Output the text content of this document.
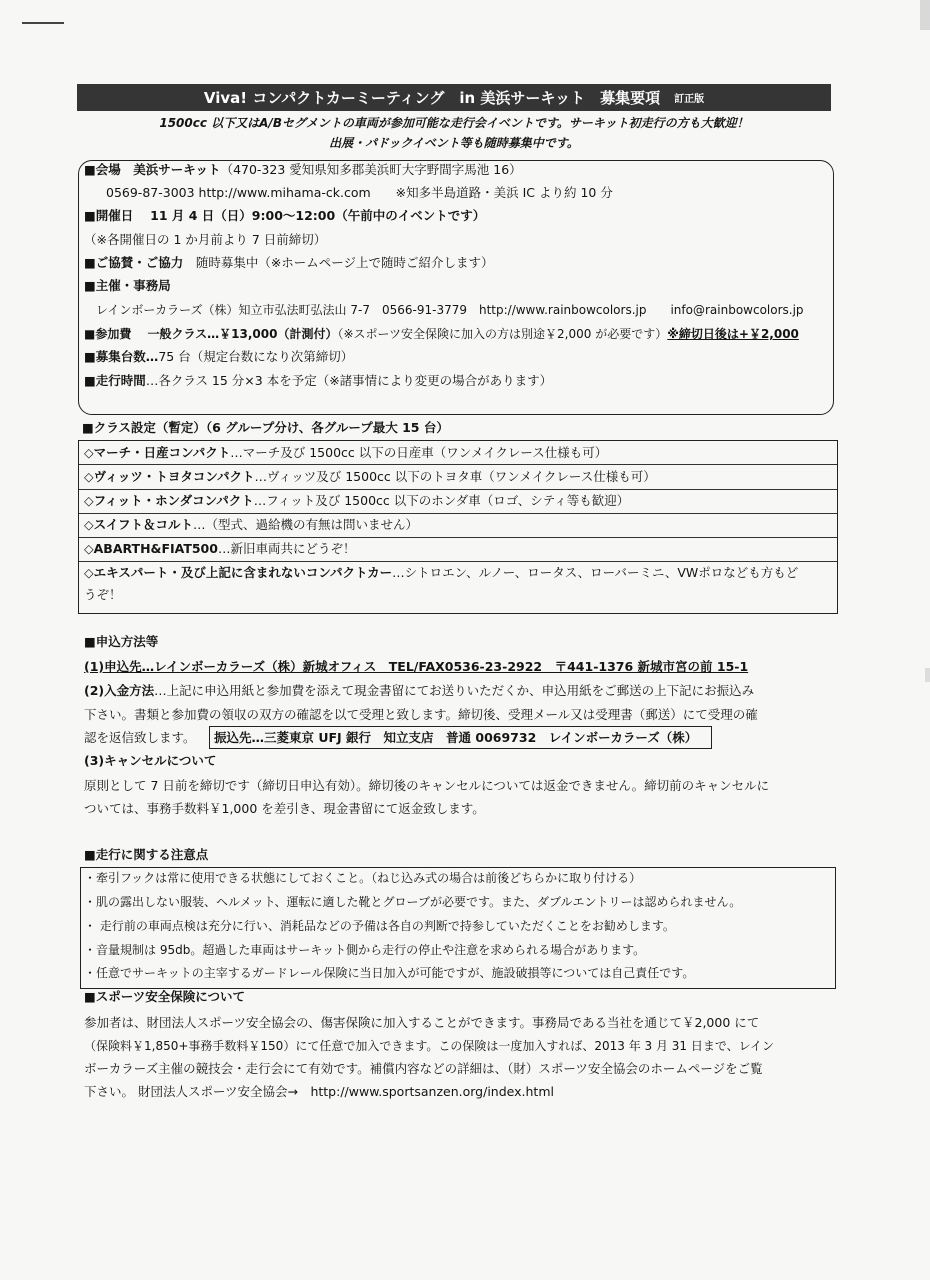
Viva! コンパクトカーミーティング　in 美浜サーキット　募集要項 訂正版
1500cc 以下又はA/Bセグメントの車両が参加可能な走行会イベントです。サーキット初走行の方も大歓迎！
出展・パドックイベント等も随時募集中です。
■会場　美浜サーキット（470-323 愛知県知多郡美浜町大字野間字馬池 16）
0569-87-3003 http://www.mihama-ck.com　　※知多半島道路・美浜 IC より約 10 分
■開催日　 11 月 4 日（日）9:00～12:00（午前中のイベントです）
（※各開催日の 1 か月前より 7 日前締切）
■ご協賛・ご協力　 随時募集中（※ホームページ上で随時ご紹介します）
■主催・事務局
レインボーカラーズ（株）知立市弘法町弘法山 7-7　0566-91-3779　http://www.rainbowcolors.jp　　info@rainbowcolors.jp
■参加費　 一般クラス…￥13,000（計測付）（※スポーツ安全保険に加入の方は別途￥2,000 が必要です）※締切日後は+￥2,000
■募集台数…75 台（規定台数になり次第締切）
■走行時間…各クラス 15 分×3 本を予定（※諸事情により変更の場合があります）
■クラス設定（暫定）（6 グループ分け、各グループ最大 15 台）
◇マーチ・日産コンパクト…マーチ及び 1500cc 以下の日産車（ワンメイクレース仕様も可）
◇ヴィッツ・トヨタコンパクト…ヴィッツ及び 1500cc 以下のトヨタ車（ワンメイクレース仕様も可）
◇フィット・ホンダコンパクト…フィット及び 1500cc 以下のホンダ車（ロゴ、シティ等も歓迎）
◇スイフト＆コルト…（型式、過給機の有無は問いません）
◇ABARTH&FIAT500…新旧車両共にどうぞ！
◇エキスパート・及び上記に含まれないコンパクトカー…シトロエン、ルノー、ロータス、ローバーミニ、VWポロなども方もど
うぞ！
■申込方法等
(1)申込先…レインボーカラーズ（株）新城オフィス　TEL/FAX0536-23-2922　〒441-1376 新城市宮の前 15-1
(2)入金方法…上記に申込用紙と参加費を添えて現金書留にてお送りいただくか、申込用紙をご郵送の上下記にお振込み
下さい。書類と参加費の領収の双方の確認を以て受理と致します。締切後、受理メール又は受理書（郵送）にて受理の確
認を返信致します。 振込先…三菱東京 UFJ 銀行　知立支店　普通 0069732　レインボーカラーズ（株）
(3)キャンセルについて
原則として 7 日前を締切です（締切日申込有効）。締切後のキャンセルについては返金できません。締切前のキャンセルに
ついては、事務手数料￥1,000 を差引き、現金書留にて返金致します。
■走行に関する注意点
・牽引フックは常に使用できる状態にしておくこと。（ねじ込み式の場合は前後どちらかに取り付ける）
・肌の露出しない服装、ヘルメット、運転に適した靴とグローブが必要です。また、ダブルエントリーは認められません。
・ 走行前の車両点検は充分に行い、消耗品などの予備は各自の判断で持参していただくことをお勧めします。
・音量規制は 95db。超過した車両はサーキット側から走行の停止や注意を求められる場合があります。
・任意でサーキットの主宰するガードレール保険に当日加入が可能ですが、施設破損等については自己責任です。
■スポーツ安全保険について
参加者は、財団法人スポーツ安全協会の、傷害保険に加入することができます。事務局である当社を通じて￥2,000 にて
（保険料￥1,850+事務手数料￥150）にて任意で加入できます。この保険は一度加入すれば、2013 年 3 月 31 日まで、レイン
ボーカラーズ主催の競技会・走行会にて有効です。補償内容などの詳細は、（財）スポーツ安全協会のホームページをご覧
下さい。 財団法人スポーツ安全協会→　http://www.sportsanzen.org/index.html
